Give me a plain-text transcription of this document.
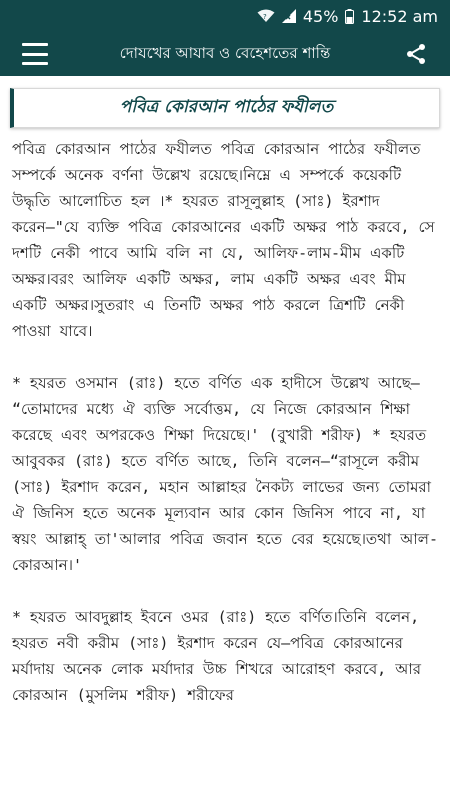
? 45% 12:52 am
দোযখের আযাব ও বেহেশতের শান্তি
পবিত্র কোরআন পাঠের ফযীলত

পবিত্র কোরআন পাঠের ফযীলত পবিত্র কোরআন পাঠের ফযীলত সম্পর্কে অনেক বর্ণনা উল্লেখ রয়েছে।নিম্নে এ সম্পর্কে কয়েকটি উদ্ধৃতি আলোচিত হল ।* হযরত রাসূলুল্লাহ (সাঃ) ইরশাদ করেন–"যে ব্যক্তি পবিত্র কোরআনের একটি অক্ষর পাঠ করবে, সে দশটি নেকী পাবে আমি বলি না যে, আলিফ-লাম-মীম একটি অক্ষর।বরং আলিফ একটি অক্ষর, লাম একটি অক্ষর এবং মীম একটি অক্ষর।সুতরাং এ তিনটি অক্ষর পাঠ করলে ত্রিশটি নেকী পাওয়া যাবে।

* হযরত ওসমান (রাঃ) হতে বর্ণিত এক হাদীসে উল্লেখ আছে– “তোমাদের মধ্যে ঐ ব্যক্তি সর্বোত্তম, যে নিজে কোরআন শিক্ষা করেছে এবং অপরকেও শিক্ষা দিয়েছে।' (বুখারী শরীফ) * হযরত আবুবকর (রাঃ) হতে বর্ণিত আছে, তিনি বলেন–“রাসূলে করীম (সাঃ) ইরশাদ করেন, মহান আল্লাহর নৈকট্য লাভের জন্য তোমরা ঐ জিনিস হতে অনেক মূল্যবান আর কোন জিনিস পাবে না, যা স্বয়ং আল্লাহ্ তা'আলার পবিত্র জবান হতে বের হয়েছে।তথা আল-কোরআন।'

* হযরত আবদুল্লাহ ইবনে ওমর (রাঃ) হতে বর্ণিত।তিনি বলেন, হযরত নবী করীম (সাঃ) ইরশাদ করেন যে–পবিত্র কোরআনের মর্যাদায় অনেক লোক মর্যাদার উচ্চ শিখরে আরোহণ করবে, আর কোরআন (মুসলিম শরীফ) শরীফের
